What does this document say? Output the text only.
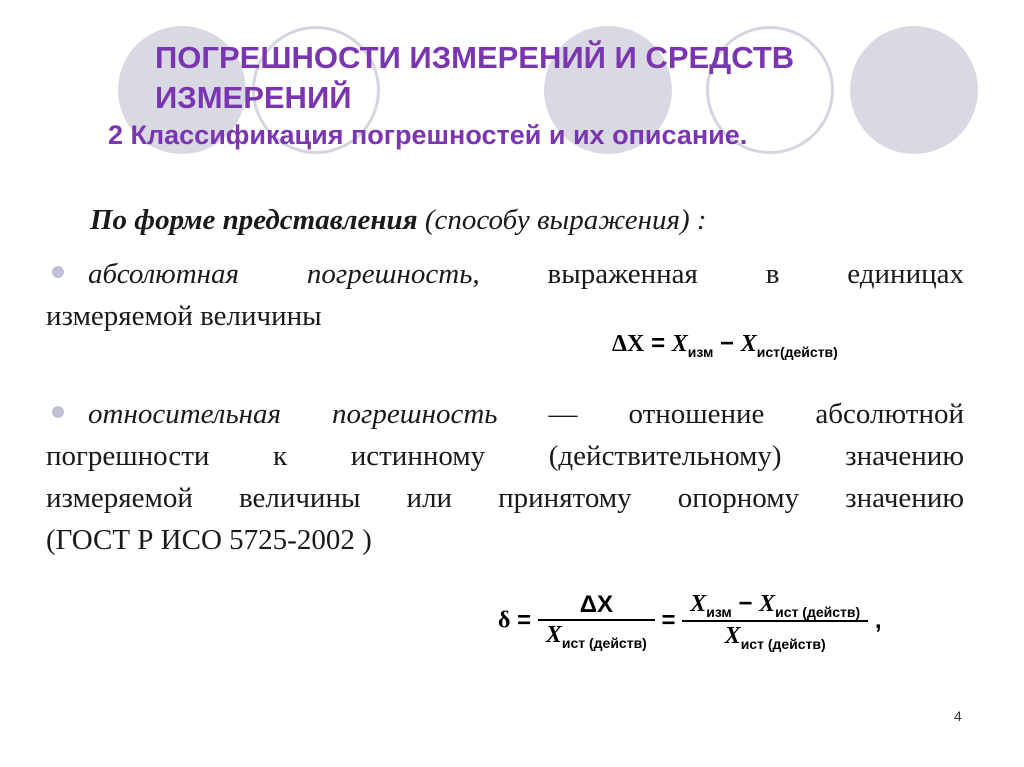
ПОГРЕШНОСТИ ИЗМЕРЕНИЙ И СРЕДСТВ
ИЗМЕРЕНИЙ
2 Классификация погрешностей и их описание.
По форме представления (способу выражения) :
абсолютная погрешность, выраженная в единицах
измеряемой величины
$\Delta X = X_{изм} - X_{ист(действ)}$
относительная погрешность — отношение абсолютной
погрешности к истинному (действительному) значению
измеряемой величины или принятому опорному значению
(ГОСТ Р ИСО 5725-2002 )
$\delta = \frac{\Delta X}{X_{ист (действ)}} = \frac{X_{изм} - X_{ист (действ)}}{X_{ист (действ)}}$ ,
4
